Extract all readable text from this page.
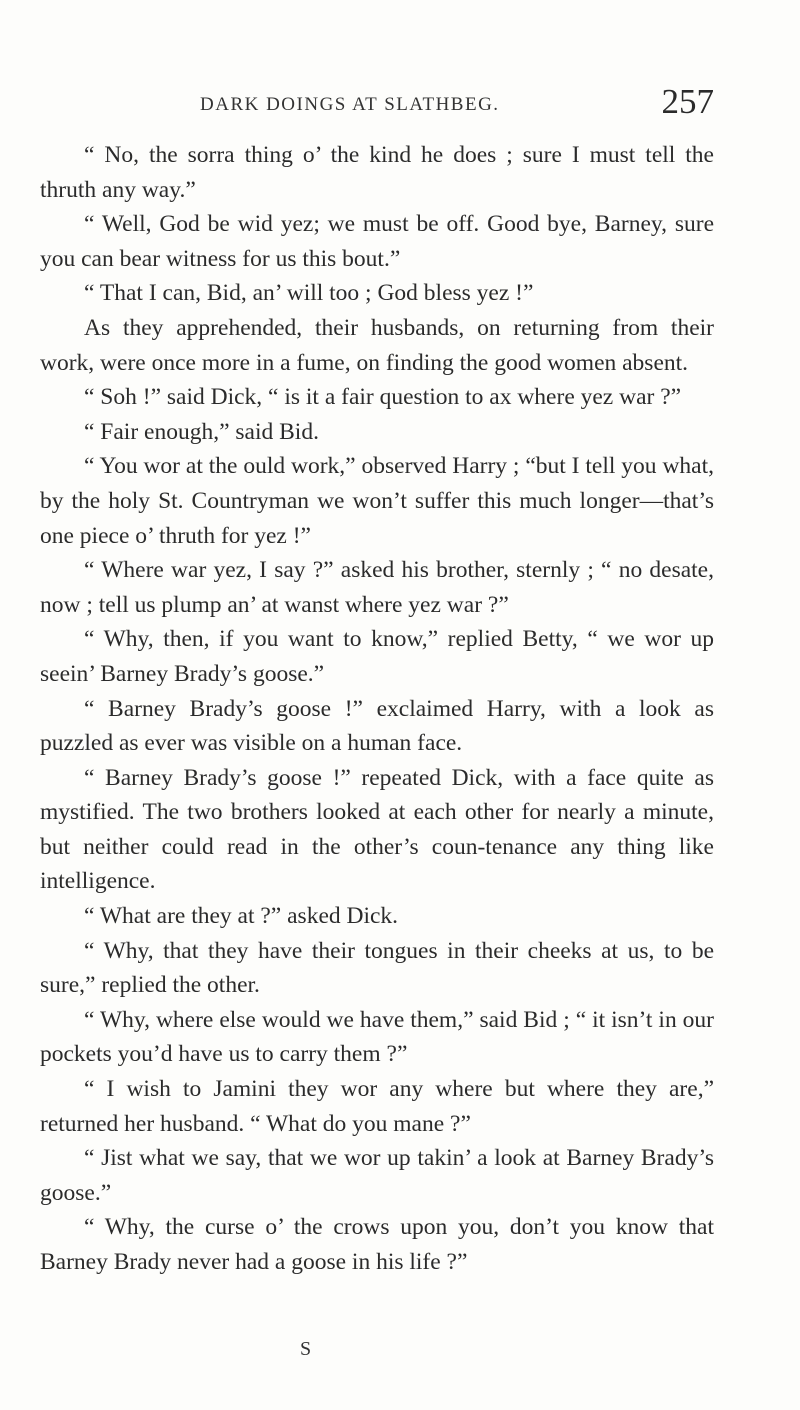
DARK DOINGS AT SLATHBEG.	257

“ No, the sorra thing o’ the kind he does ; sure I must tell the thruth any way.”

“ Well, God be wid yez; we must be off. Good bye, Barney, sure you can bear witness for us this bout.”

“ That I can, Bid, an’ will too ; God bless yez !”

As they apprehended, their husbands, on returning from their work, were once more in a fume, on finding the good women absent.

“ Soh !” said Dick, “ is it a fair question to ax where yez war ?”

“ Fair enough,” said Bid.

“ You wor at the ould work,” observed Harry ; “but I tell you what, by the holy St. Countryman we won’t suffer this much longer—that’s one piece o’ thruth for yez !”

“ Where war yez, I say ?” asked his brother, sternly ; “ no desate, now ; tell us plump an’ at wanst where yez war ?”

“ Why, then, if you want to know,” replied Betty, “ we wor up seein’ Barney Brady’s goose.”

“ Barney Brady’s goose !” exclaimed Harry, with a look as puzzled as ever was visible on a human face.

“ Barney Brady’s goose !” repeated Dick, with a face quite as mystified. The two brothers looked at each other for nearly a minute, but neither could read in the other’s coun-tenance any thing like intelligence.

“ What are they at ?” asked Dick.

“ Why, that they have their tongues in their cheeks at us, to be sure,” replied the other.

“ Why, where else would we have them,” said Bid ; “ it isn’t in our pockets you’d have us to carry them ?”

“ I wish to Jamini they wor any where but where they are,” returned her husband. “ What do you mane ?”

“ Jist what we say, that we wor up takin’ a look at Barney Brady’s goose.”

“ Why, the curse o’ the crows upon you, don’t you know that Barney Brady never had a goose in his life ?”

S
